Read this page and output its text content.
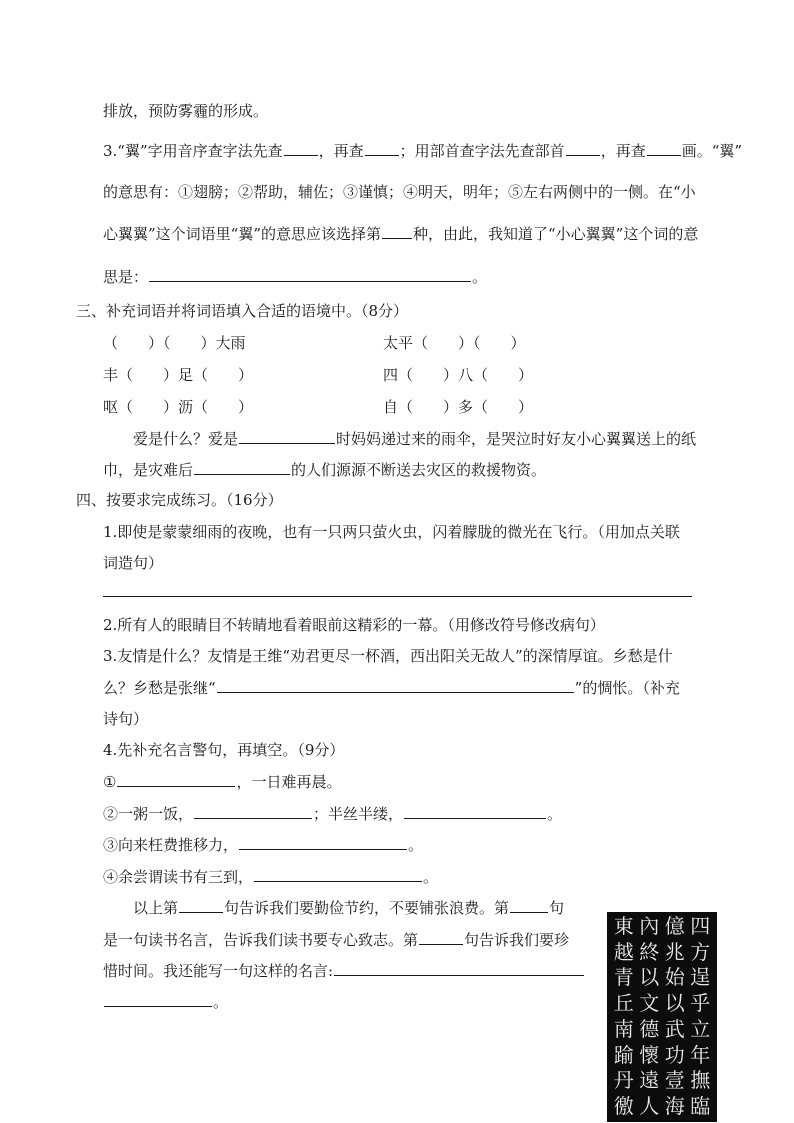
排放，预防雾霾的形成。
3.“翼”字用音序查字法先查 ，再查 ；用部首查字法先查部首 ，再查 画。“翼”
的意思有：①翅膀；②帮助，辅佐；③谨慎；④明天，明年；⑤左右两侧中的一侧。在“小
心翼翼”这个词语里“翼”的意思应该选择第 种，由此，我知道了“小心翼翼”这个词的意
思是：	。
三、补充词语并将词语填入合适的语境中。（8分）
（　　）（　　）大雨	太平（　　）（　　）
丰（　　）足（　　）	四（　　）八（　　）
呕（　　）沥（　　）	自（　　）多（　　）
爱是什么？爱是	时妈妈递过来的雨伞，是哭泣时好友小心翼翼送上的纸
巾，是灾难后	的人们源源不断送去灾区的救援物资。
四、按要求完成练习。（16分）
1.即使是蒙蒙细雨的夜晚，也有一只两只萤火虫，闪着朦胧的微光在飞行。（用加点关联
词造句）
2.所有人的眼睛目不转睛地看着眼前这精彩的一幕。（用修改符号修改病句）
3.友情是什么？友情是王维“劝君更尽一杯酒，西出阳关无故人”的深情厚谊。乡愁是什
么？乡愁是张继“	”的惆怅。（补充
诗句）
4.先补充名言警句，再填空。（9分）
①	，一日难再晨。
②一粥一饭，	；半丝半缕，	。
③向来枉费推移力，	。
④余尝谓读书有三到，	。
以上第	句告诉我们要勤俭节约，不要铺张浪费。第	句
是一句读书名言，告诉我们读书要专心致志。第	句告诉我们要珍
惜时间。我还能写一句这样的名言:
。
四
方
逞
乎
立
年
撫
臨
億
兆
始
以
武
功
壹
海
內
終
以
文
德
懷
遠
人
東
越
青
丘
南
踰
丹
徼
